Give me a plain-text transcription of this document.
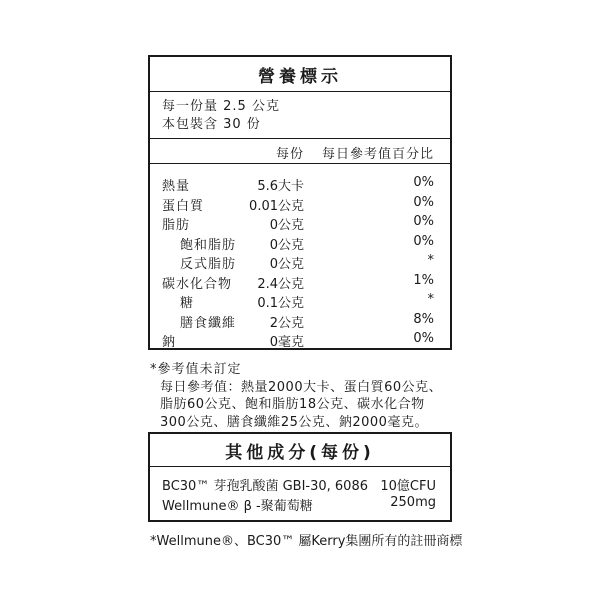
營養標示
每一份量 2.5 公克
本包裝含 30 份
每份 每日參考值百分比
熱量	5.6大卡	0%
蛋白質	0.01公克	0%
脂肪	0公克	0%
飽和脂肪	0公克	0%
反式脂肪	0公克	*
碳水化合物 2.4公克	1%
糖	0.1公克	*
膳食纖維	2公克	8%
鈉	0毫克	0%
*參考值未訂定
每日參考值：熱量2000大卡、蛋白質60公克、
脂肪60公克、飽和脂肪18公克、碳水化合物
300公克、膳食纖維25公克、鈉2000毫克。
其他成分(每份)
BC30™ 芽孢乳酸菌 GBI-30, 6086 10億CFU
Wellmune® β -聚葡萄糖	250mg
*Wellmune®、BC30™ 屬Kerry集團所有的註冊商標
